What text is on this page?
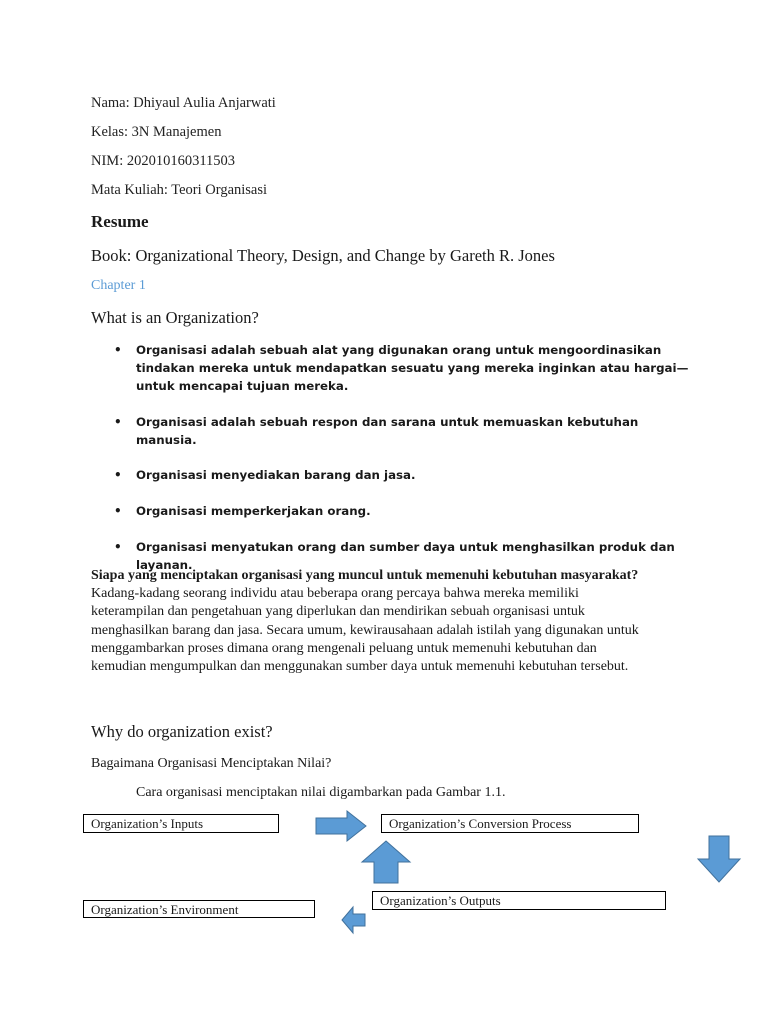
Nama: Dhiyaul Aulia Anjarwati
Kelas: 3N Manajemen
NIM: 202010160311503
Mata Kuliah: Teori Organisasi
Resume
Book: Organizational Theory, Design, and Change by Gareth R. Jones
Chapter 1
What is an Organization?
• Organisasi adalah sebuah alat yang digunakan orang untuk mengoordinasikan tindakan mereka untuk mendapatkan sesuatu yang mereka inginkan atau hargai—untuk mencapai tujuan mereka.
• Organisasi adalah sebuah respon dan sarana untuk memuaskan kebutuhan manusia.
• Organisasi menyediakan barang dan jasa.
• Organisasi memperkerjakan orang.
• Organisasi menyatukan orang dan sumber daya untuk menghasilkan produk dan layanan.

Siapa yang menciptakan organisasi yang muncul untuk memenuhi kebutuhan masyarakat? Kadang-kadang seorang individu atau beberapa orang percaya bahwa mereka memiliki keterampilan dan pengetahuan yang diperlukan dan mendirikan sebuah organisasi untuk menghasilkan barang dan jasa. Secara umum, kewirausahaan adalah istilah yang digunakan untuk menggambarkan proses dimana orang mengenali peluang untuk memenuhi kebutuhan dan kemudian mengumpulkan dan menggunakan sumber daya untuk memenuhi kebutuhan tersebut.

Why do organization exist?
Bagaimana Organisasi Menciptakan Nilai?
Cara organisasi menciptakan nilai digambarkan pada Gambar 1.1.
Organization’s Inputs	Organization’s Conversion Process
Organization’s Outputs
Organization’s Environment
